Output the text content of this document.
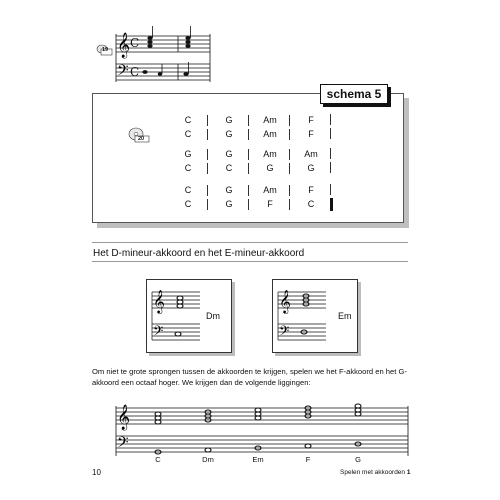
𝄞
𝄢
C
C
19
schema 5
20
C	G	Am	F
C	G	Am	F
G	G	Am	Am
C	C	G	G
C	G	Am	F
C	G	F	C
Het D-mineur-akkoord en het E-mineur-akkoord
𝄞
𝄢
𝄞
𝄢
Dm	Em
Om niet te grote sprongen tussen de akkoorden te krijgen, spelen we het F-akkoord en het G-akkoord een octaaf hoger. We krijgen dan de volgende liggingen:
𝄞
𝄢
C	Dm	Em	F	G
10	Spelen met akkoorden 1
